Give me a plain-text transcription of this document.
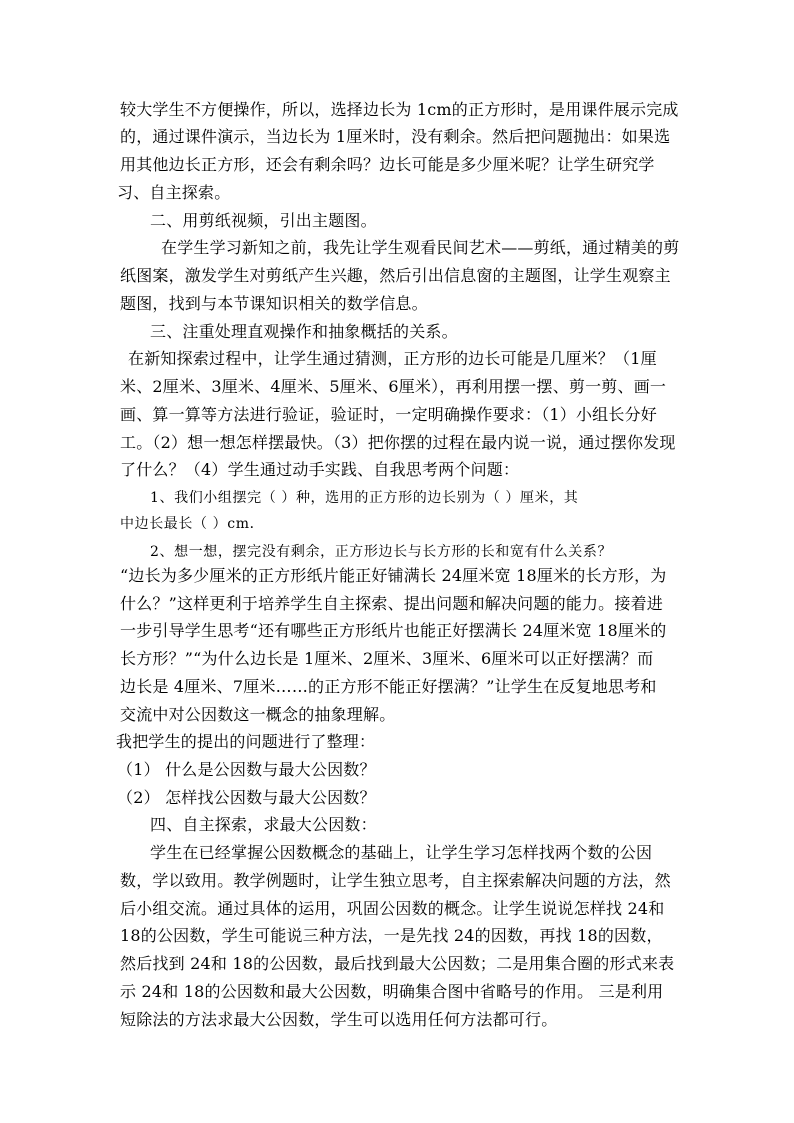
较大学生不方便操作，所以，选择边长为 1cm的正方形时，是用课件展示完成
的，通过课件演示，当边长为 1厘米时，没有剩余。然后把问题抛出：如果选
用其他边长正方形，还会有剩余吗？边长可能是多少厘米呢？让学生研究学
习、自主探索。
二、用剪纸视频，引出主题图。
在学生学习新知之前，我先让学生观看民间艺术——剪纸，通过精美的剪
纸图案，激发学生对剪纸产生兴趣，然后引出信息窗的主题图，让学生观察主
题图，找到与本节课知识相关的数学信息。
三、注重处理直观操作和抽象概括的关系。
在新知探索过程中，让学生通过猜测，正方形的边长可能是几厘米？（1厘
米、2厘米、3厘米、4厘米、5厘米、6厘米），再利用摆一摆、剪一剪、画一
画、算一算等方法进行验证，验证时，一定明确操作要求：（1）小组长分好
工。（2）想一想怎样摆最快。（3）把你摆的过程在最内说一说，通过摆你发现
了什么？（4）学生通过动手实践、自我思考两个问题：
1、我们小组摆完（ ）种，选用的正方形的边长别为（ ）厘米，其
中边长最长（ ）cm．
2、想一想，摆完没有剩余，正方形边长与长方形的长和宽有什么关系？
“边长为多少厘米的正方形纸片能正好铺满长 24厘米宽 18厘米的长方形，为
什么？”这样更利于培养学生自主探索、提出问题和解决问题的能力。接着进
一步引导学生思考“还有哪些正方形纸片也能正好摆满长 24厘米宽 18厘米的
长方形？”“为什么边长是 1厘米、2厘米、3厘米、6厘米可以正好摆满？而
边长是 4厘米、7厘米……的正方形不能正好摆满？”让学生在反复地思考和
交流中对公因数这一概念的抽象理解。
我把学生的提出的问题进行了整理：
（1） 什么是公因数与最大公因数？
（2） 怎样找公因数与最大公因数？
四、自主探索，求最大公因数：
学生在已经掌握公因数概念的基础上，让学生学习怎样找两个数的公因
数，学以致用。教学例题时，让学生独立思考，自主探索解决问题的方法，然
后小组交流。通过具体的运用，巩固公因数的概念。让学生说说怎样找 24和
18的公因数，学生可能说三种方法，一是先找 24的因数，再找 18的因数，
然后找到 24和 18的公因数，最后找到最大公因数；二是用集合圈的形式来表
示 24和 18的公因数和最大公因数，明确集合图中省略号的作用。 三是利用
短除法的方法求最大公因数，学生可以选用任何方法都可行。
